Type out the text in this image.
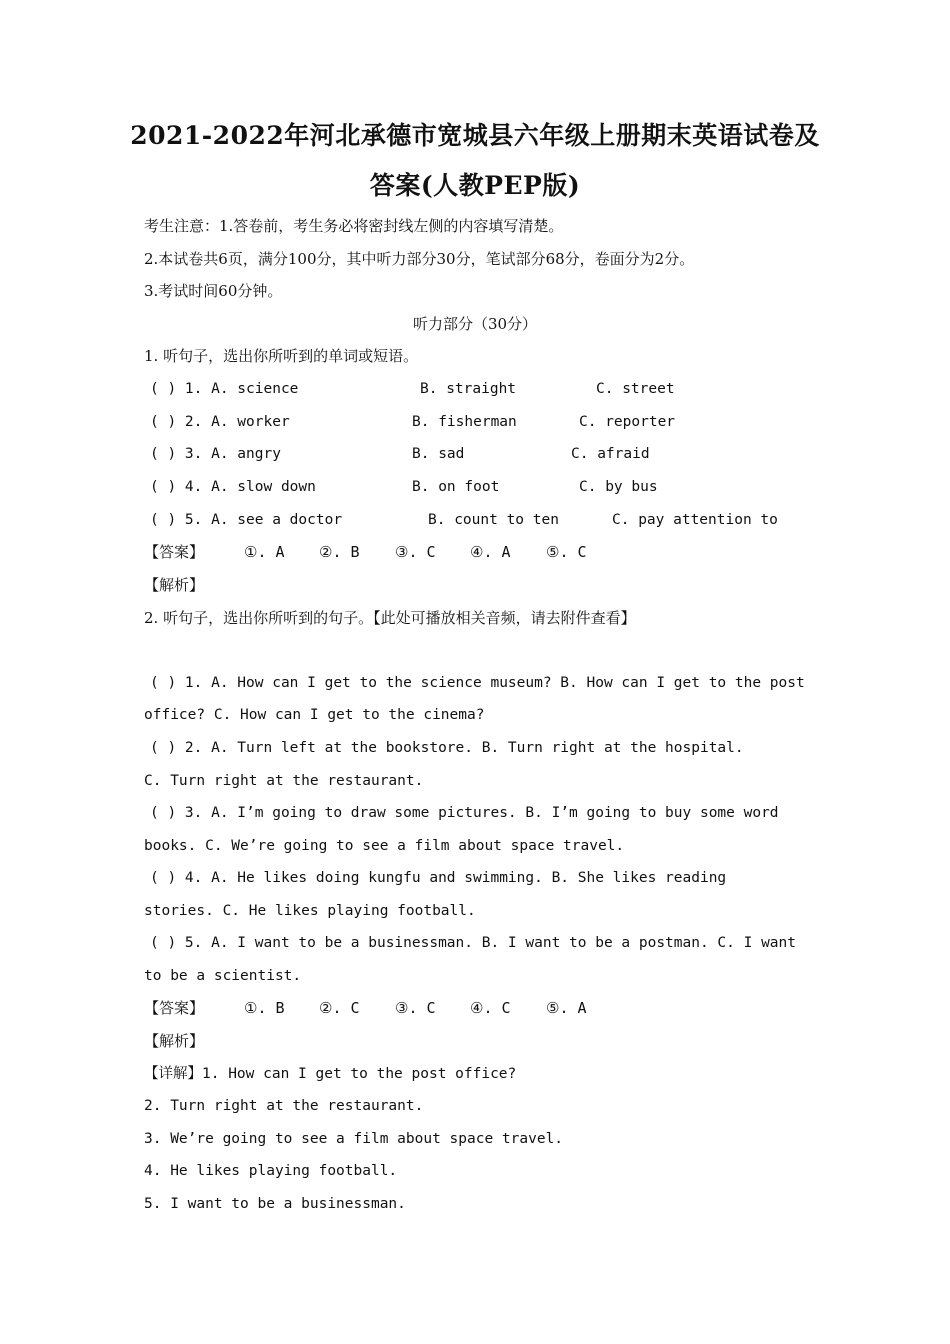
2021-2022年河北承德市宽城县六年级上册期末英语试卷及
答案(人教PEP版)
考生注意：1.答卷前，考生务必将密封线左侧的内容填写清楚。
2.本试卷共6页，满分100分，其中听力部分30分，笔试部分68分，卷面分为2分。
3.考试时间60分钟。
听力部分（30分）
1. 听句子，选出你所听到的单词或短语。
( ) 1. A. science	B. straight	C. street
( ) 2. A. worker	B. fisherman	C. reporter
( ) 3. A. angry	B. sad	C. afraid
( ) 4. A. slow down	B. on foot	C. by bus
( ) 5. A. see a doctor	B. count to ten	C. pay attention to
【答案】	①. A ②. B ③. C ④. A ⑤. C
【解析】
2. 听句子，选出你所听到的句子。【此处可播放相关音频，请去附件查看】
( ) 1. A. How can I get to the science museum? B. How can I get to the post
office? C. How can I get to the cinema?
( ) 2. A. Turn left at the bookstore. B. Turn right at the hospital.
C. Turn right at the restaurant.
( ) 3. A. I’m going to draw some pictures. B. I’m going to buy some word
books. C. We’re going to see a film about space travel.
( ) 4. A. He likes doing kungfu and swimming. B. She likes reading
stories. C. He likes playing football.
( ) 5. A. I want to be a businessman. B. I want to be a postman. C. I want
to be a scientist.
【答案】	①. B ②. C ③. C ④. C ⑤. A
【解析】
【详解】1. How can I get to the post office?
2. Turn right at the restaurant.
3. We’re going to see a film about space travel.
4. He likes playing football.
5. I want to be a businessman.
